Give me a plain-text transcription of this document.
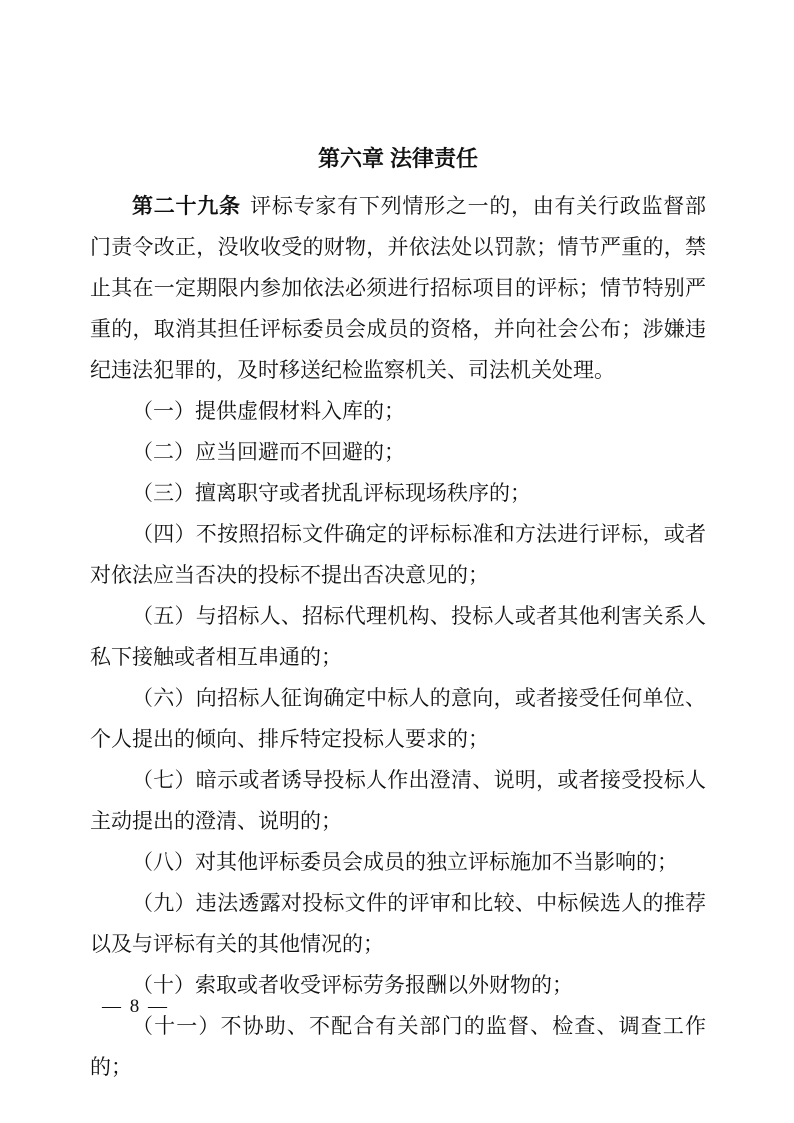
第六章 法律责任

第二十九条 评标专家有下列情形之一的，由有关行政监督部门责令改正，没收收受的财物，并依法处以罚款；情节严重的，禁止其在一定期限内参加依法必须进行招标项目的评标；情节特别严重的，取消其担任评标委员会成员的资格，并向社会公布；涉嫌违纪违法犯罪的，及时移送纪检监察机关、司法机关处理。

（一）提供虚假材料入库的；

（二）应当回避而不回避的；

（三）擅离职守或者扰乱评标现场秩序的；

（四）不按照招标文件确定的评标标准和方法进行评标，或者对依法应当否决的投标不提出否决意见的；

（五）与招标人、招标代理机构、投标人或者其他利害关系人私下接触或者相互串通的；

（六）向招标人征询确定中标人的意向，或者接受任何单位、个人提出的倾向、排斥特定投标人要求的；

（七）暗示或者诱导投标人作出澄清、说明，或者接受投标人主动提出的澄清、说明的；

（八）对其他评标委员会成员的独立评标施加不当影响的；

（九）违法透露对投标文件的评审和比较、中标候选人的推荐以及与评标有关的其他情况的；

（十）索取或者收受评标劳务报酬以外财物的；

（十一）不协助、不配合有关部门的监督、检查、调查工作的；

— 8 —
